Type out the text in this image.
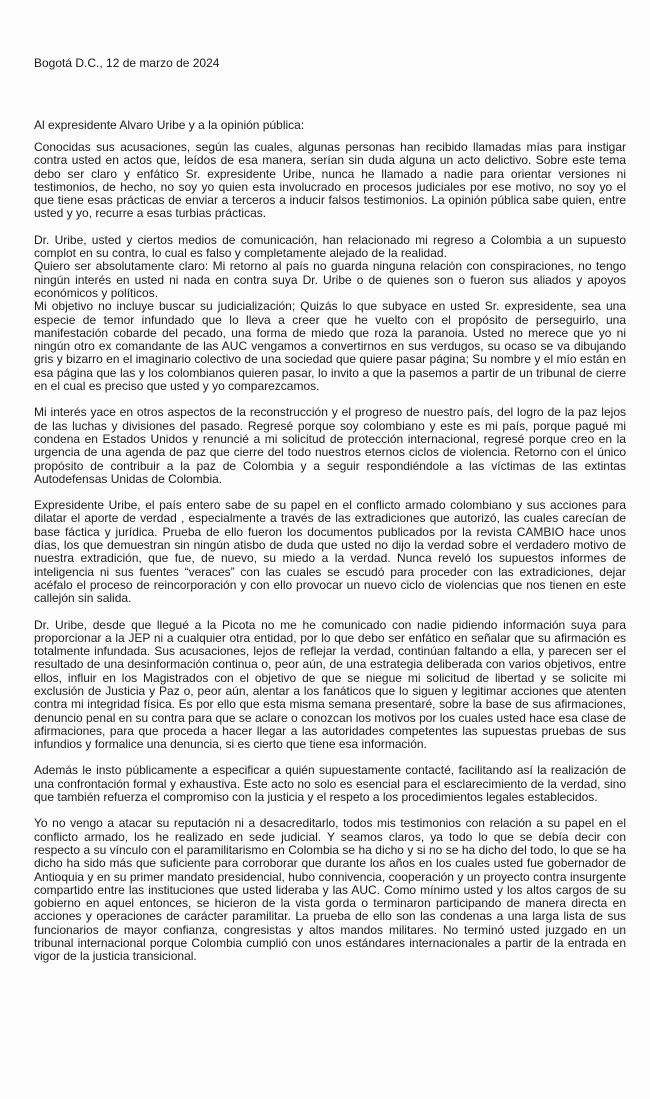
Bogotá D.C., 12 de marzo de 2024
Al expresidente Alvaro Uribe y a la opinión pública:

Conocidas sus acusaciones, según las cuales, algunas personas han recibido llamadas mías para instigar contra usted en actos que, leídos de esa manera, serían sin duda alguna un acto delictivo. Sobre este tema debo ser claro y enfático Sr. expresidente Uribe, nunca he llamado a nadie para orientar versiones ni testimonios, de hecho, no soy yo quien esta involucrado en procesos judiciales por ese motivo, no soy yo el que tiene esas prácticas de enviar a terceros a inducir falsos testimonios. La opinión pública sabe quien, entre usted y yo, recurre a esas turbias prácticas.

Dr. Uribe, usted y ciertos medios de comunicación, han relacionado mi regreso a Colombia a un supuesto complot en su contra, lo cual es falso y completamente alejado de la realidad.

Quiero ser absolutamente claro: Mi retorno al país no guarda ninguna relación con conspiraciones, no tengo ningún interés en usted ni nada en contra suya Dr. Uribe o de quienes son o fueron sus aliados y apoyos económicos y políticos.

Mi objetivo no incluye buscar su judicialización; Quizás lo que subyace en usted Sr. expresidente, sea una especie de temor infundado que lo lleva a creer que he vuelto con el propósito de perseguirlo, una manifestación cobarde del pecado, una forma de miedo que roza la paranoia. Usted no merece que yo ni ningún otro ex comandante de las AUC vengamos a convertirnos en sus verdugos, su ocaso se va dibujando gris y bizarro en el imaginario colectivo de una sociedad que quiere pasar página; Su nombre y el mío están en esa página que las y los colombianos quieren pasar, lo invito a que la pasemos a partir de un tribunal de cierre en el cual es preciso que usted y yo comparezcamos.

Mi interés yace en otros aspectos de la reconstrucción y el progreso de nuestro país, del logro de la paz lejos de las luchas y divisiones del pasado. Regresé porque soy colombiano y este es mi país, porque pagué mi condena en Estados Unidos y renuncié a mi solicitud de protección internacional, regresé porque creo en la urgencia de una agenda de paz que cierre del todo nuestros eternos ciclos de violencia. Retorno con el único propósito de contribuir a la paz de Colombia y a seguir respondiéndole a las víctimas de las extintas Autodefensas Unidas de Colombia.

Expresidente Uribe, el país entero sabe de su papel en el conflicto armado colombiano y sus acciones para dilatar el aporte de verdad , especialmente a través de las extradiciones que autorizó, las cuales carecían de base fáctica y jurídica. Prueba de ello fueron los documentos publicados por la revista CAMBIO hace unos días, los que demuestran sin ningún atisbo de duda que usted no dijo la verdad sobre el verdadero motivo de nuestra extradición, que fue, de nuevo, su miedo a la verdad. Nunca reveló los supuestos informes de inteligencia ni sus fuentes “veraces” con las cuales se escudó para proceder con las extradiciones, dejar acéfalo el proceso de reincorporación y con ello provocar un nuevo ciclo de violencias que nos tienen en este callejón sin salida.

Dr. Uribe, desde que llegué a la Picota no me he comunicado con nadie pidiendo información suya para proporcionar a la JEP ni a cualquier otra entidad, por lo que debo ser enfático en señalar que su afirmación es totalmente infundada. Sus acusaciones, lejos de reflejar la verdad, continúan faltando a ella, y parecen ser el resultado de una desinformación continua o, peor aún, de una estrategia deliberada con varios objetivos, entre ellos, influir en los Magistrados con el objetivo de que se niegue mi solicitud de libertad y se solicite mi exclusión de Justicia y Paz o, peor aún, alentar a los fanáticos que lo siguen y legitimar acciones que atenten contra mi integridad física. Es por ello que esta misma semana presentaré, sobre la base de sus afirmaciones, denuncio penal en su contra para que se aclare o conozcan los motivos por los cuales usted hace esa clase de afirmaciones, para que proceda a hacer llegar a las autoridades competentes las supuestas pruebas de sus infundios y formalice una denuncia, si es cierto que tiene esa información.

Además le insto públicamente a especificar a quién supuestamente contacté, facilitando así la realización de una confrontación formal y exhaustiva. Este acto no solo es esencial para el esclarecimiento de la verdad, sino que también refuerza el compromiso con la justicia y el respeto a los procedimientos legales establecidos.

Yo no vengo a atacar su reputación ni a desacreditarlo, todos mis testimonios con relación a su papel en el conflicto armado, los he realizado en sede judicial. Y seamos claros, ya todo lo que se debía decir con respecto a su vínculo con el paramilitarismo en Colombia se ha dicho y si no se ha dicho del todo, lo que se ha dicho ha sido más que suficiente para corroborar que durante los años en los cuales usted fue gobernador de Antioquia y en su primer mandato presidencial, hubo connivencia, cooperación y un proyecto contra insurgente compartido entre las instituciones que usted lideraba y las AUC. Como mínimo usted y los altos cargos de su gobierno en aquel entonces, se hicieron de la vista gorda o terminaron participando de manera directa en acciones y operaciones de carácter paramilitar. La prueba de ello son las condenas a una larga lista de sus funcionarios de mayor confianza, congresistas y altos mandos militares. No terminó usted juzgado en un tribunal internacional porque Colombia cumplió con unos estándares internacionales a partir de la entrada en vigor de la justicia transicional.
